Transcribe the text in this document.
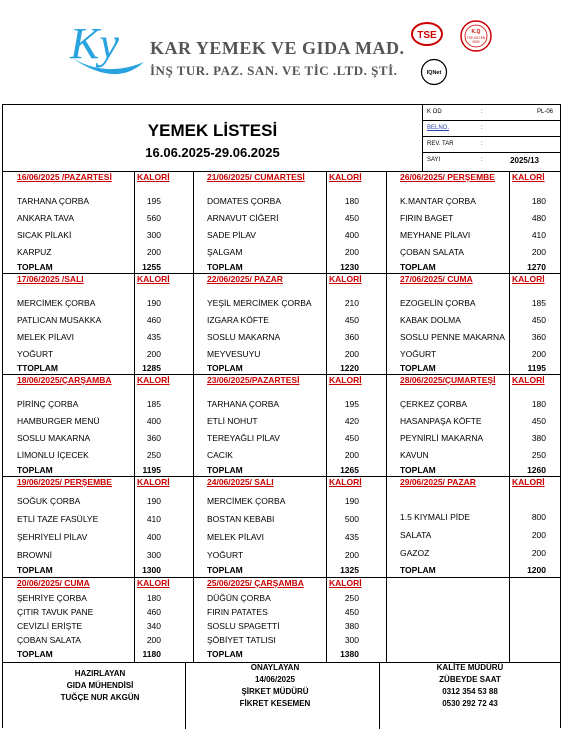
Ky KAR YEMEK VE GIDA MAD.
İNŞ TUR. PAZ. SAN. VE TİC .LTD. ŞTİ.
TSE	K.Q
TSE-ISO-EN
9000
IQNet
YEMEK LİSTESİ
16.06.2025-29.06.2025
K OD	:	PL-06
BELNO.	:
REV. TAR	:
SAYI	:	2025/13
16/06/2025 /PAZARTESİ	KALORİ
TARHANA ÇORBA	195
ANKARA TAVA	560
SICAK PİLAKİ	300
KARPUZ	200
TOPLAM	1255
17/06/2025 /SALI	KALORİ
MERCİMEK ÇORBA	190
PATLICAN MUSAKKA	460
MELEK PİLAVI	435
YOĞURT	200
TTOPLAM	1285
18/06/2025/ÇARŞAMBA	KALORİ
PİRİNÇ ÇORBA	185
HAMBURGER MENÜ	400
SOSLU MAKARNA	360
LİMONLU İÇECEK	250
TOPLAM	1195
19/06/2025/ PERŞEMBE	KALORİ
SOĞUK ÇORBA	190
ETLİ TAZE FASÜLYE	410
ŞEHRİYELİ PİLAV	400
BROWNİ	300
TOPLAM	1300
20/06/2025/ CUMA	KALORİ
ŞEHRİYE ÇORBA	180
ÇITIR TAVUK PANE	460
CEVİZLİ ERİŞTE	340
ÇOBAN SALATA	200
TOPLAM	1180
21/06/2025/ CUMARTESİ	KALORİ
DOMATES ÇORBA	180
ARNAVUT CİĞERİ	450
SADE PİLAV	400
ŞALGAM	200
TOPLAM	1230
22/06/2025/ PAZAR	KALORİ
YEŞİL MERCİMEK ÇORBA	210
IZGARA KÖFTE	450
SOSLU MAKARNA	360
MEYVESUYU	200
TOPLAM	1220
23/06/2025/PAZARTESİ	KALORİ
TARHANA ÇORBA	195
ETLİ NOHUT	420
TEREYAĞLI PİLAV	450
CACIK	200
TOPLAM	1265
24/06/2025/ SALI	KALORİ
MERCİMEK ÇORBA	190
BOSTAN KEBABI	500
MELEK PİLAVI	435
YOĞURT	200
TOPLAM	1325
25/06/2025/ ÇARŞAMBA	KALORİ
DÜĞÜN ÇORBA	250
FIRIN PATATES	450
SOSLU SPAGETTİ	380
ŞÖBİYET TATLISI	300
TOPLAM	1380
26/06/2025/ PERŞEMBE KALORİ
K.MANTAR ÇORBA	180
FIRIN BAGET	480
MEYHANE PİLAVI	410
ÇOBAN SALATA	200
TOPLAM	1270
27/06/2025/ CUMA	KALORİ
EZOGELİN ÇORBA	185
KABAK DOLMA	450
SOSLU PENNE MAKARNA	360
YOĞURT	200
TOPLAM	1195
28/06/2025/ÇUMARTEŞİ KALORİ
ÇERKEZ ÇORBA	180
HASANPAŞA KÖFTE	450
PEYNİRLİ MAKARNA	380
KAVUN	250
TOPLAM	1260
29/06/2025/ PAZAR	KALORİ
1.5 KIYMALI PİDE	800
SALATA	200
GAZOZ	200
TOPLAM	1200
HAZIRLAYAN
GIDA MÜHENDİSİ
TUĞÇE NUR AKGÜN
ONAYLAYAN
14/06/2025
ŞİRKET MÜDÜRÜ
FİKRET KESEMEN
KALİTE MÜDÜRÜ
ZÜBEYDE SAAT
0312 354 53 88
0530 292 72 43
